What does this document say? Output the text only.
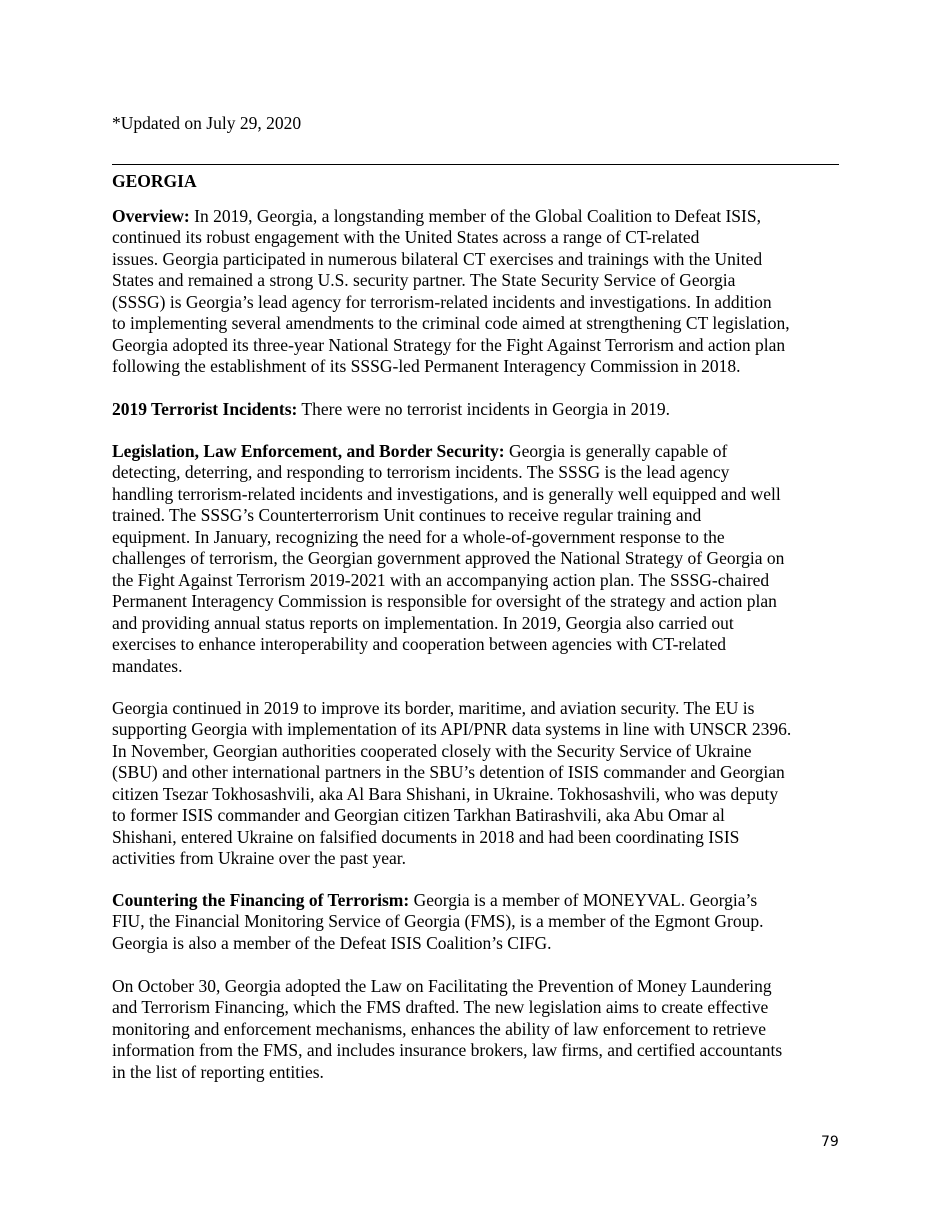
*Updated on July 29, 2020

GEORGIA

Overview: In 2019, Georgia, a longstanding member of the Global Coalition to Defeat ISIS,
continued its robust engagement with the United States across a range of CT-related
issues. Georgia participated in numerous bilateral CT exercises and trainings with the United
States and remained a strong U.S. security partner. The State Security Service of Georgia
(SSSG) is Georgia’s lead agency for terrorism-related incidents and investigations. In addition
to implementing several amendments to the criminal code aimed at strengthening CT legislation,
Georgia adopted its three-year National Strategy for the Fight Against Terrorism and action plan
following the establishment of its SSSG-led Permanent Interagency Commission in 2018.

2019 Terrorist Incidents: There were no terrorist incidents in Georgia in 2019.

Legislation, Law Enforcement, and Border Security: Georgia is generally capable of
detecting, deterring, and responding to terrorism incidents. The SSSG is the lead agency
handling terrorism-related incidents and investigations, and is generally well equipped and well
trained. The SSSG’s Counterterrorism Unit continues to receive regular training and
equipment. In January, recognizing the need for a whole-of-government response to the
challenges of terrorism, the Georgian government approved the National Strategy of Georgia on
the Fight Against Terrorism 2019-2021 with an accompanying action plan. The SSSG-chaired
Permanent Interagency Commission is responsible for oversight of the strategy and action plan
and providing annual status reports on implementation. In 2019, Georgia also carried out
exercises to enhance interoperability and cooperation between agencies with CT-related
mandates.

Georgia continued in 2019 to improve its border, maritime, and aviation security. The EU is
supporting Georgia with implementation of its API/PNR data systems in line with UNSCR 2396.
In November, Georgian authorities cooperated closely with the Security Service of Ukraine
(SBU) and other international partners in the SBU’s detention of ISIS commander and Georgian
citizen Tsezar Tokhosashvili, aka Al Bara Shishani, in Ukraine. Tokhosashvili, who was deputy
to former ISIS commander and Georgian citizen Tarkhan Batirashvili, aka Abu Omar al
Shishani, entered Ukraine on falsified documents in 2018 and had been coordinating ISIS
activities from Ukraine over the past year.

Countering the Financing of Terrorism: Georgia is a member of MONEYVAL. Georgia’s
FIU, the Financial Monitoring Service of Georgia (FMS), is a member of the Egmont Group.
Georgia is also a member of the Defeat ISIS Coalition’s CIFG.

On October 30, Georgia adopted the Law on Facilitating the Prevention of Money Laundering
and Terrorism Financing, which the FMS drafted. The new legislation aims to create effective
monitoring and enforcement mechanisms, enhances the ability of law enforcement to retrieve
information from the FMS, and includes insurance brokers, law firms, and certified accountants
in the list of reporting entities.

79
